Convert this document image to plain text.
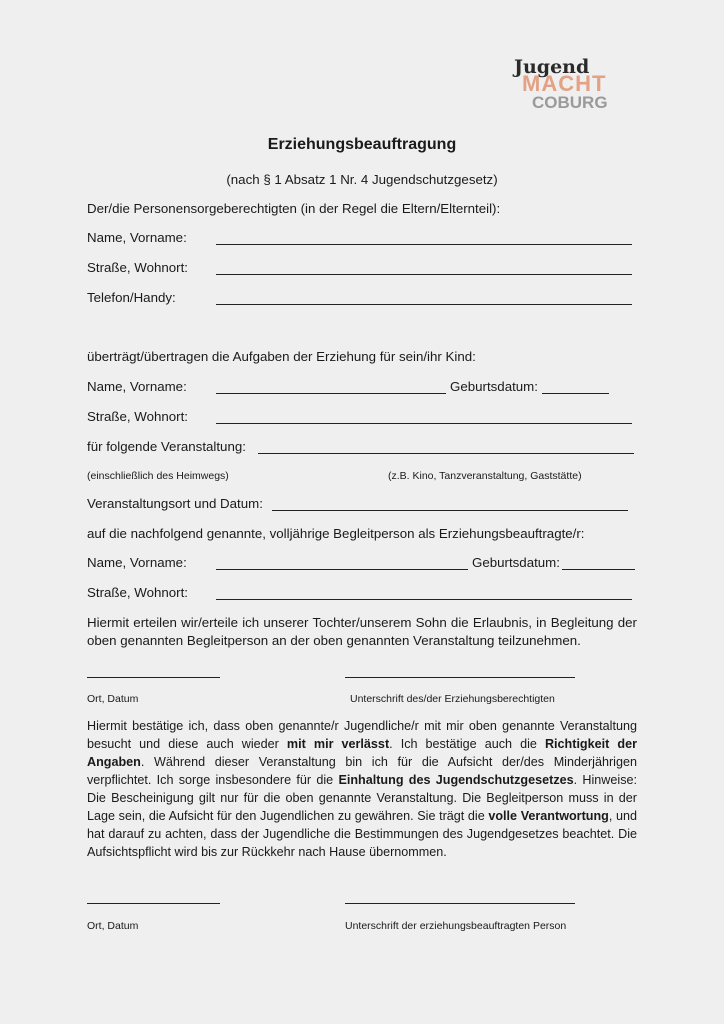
Jugend
MACHT
COBURG
Erziehungsbeauftragung
(nach § 1 Absatz 1 Nr. 4 Jugendschutzgesetz)
Der/die Personensorgeberechtigten (in der Regel die Eltern/Elternteil):
Name, Vorname:
Straße, Wohnort:
Telefon/Handy:
überträgt/übertragen die Aufgaben der Erziehung für sein/ihr Kind:
Name, Vorname:	Geburtsdatum:
Straße, Wohnort:
für folgende Veranstaltung:
(einschließlich des Heimwegs)	(z.B. Kino, Tanzveranstaltung, Gaststätte)
Veranstaltungsort und Datum:
auf die nachfolgend genannte, volljährige Begleitperson als Erziehungsbeauftragte/r:
Name, Vorname:	Geburtsdatum:
Straße, Wohnort:
Hiermit erteilen wir/erteile ich unserer Tochter/unserem Sohn die Erlaubnis, in Begleitung der oben genannten Begleitperson an der oben genannten Veranstaltung teilzunehmen.
Ort, Datum	Unterschrift des/der Erziehungsberechtigten
Hiermit bestätige ich, dass oben genannte/r Jugendliche/r mit mir oben genannte Veranstaltung besucht und diese auch wieder mit mir verlässt. Ich bestätige auch die Richtigkeit der Angaben. Während dieser Veranstaltung bin ich für die Aufsicht der/des Minderjährigen verpflichtet. Ich sorge insbesondere für die Einhaltung des Jugendschutzgesetzes. Hinweise: Die Bescheinigung gilt nur für die oben genannte Veranstaltung. Die Begleitperson muss in der Lage sein, die Aufsicht für den Jugendlichen zu gewähren. Sie trägt die volle Verantwortung, und hat darauf zu achten, dass der Jugendliche die Bestimmungen des Jugendgesetzes beachtet. Die Aufsichtspflicht wird bis zur Rückkehr nach Hause übernommen.
Ort, Datum	Unterschrift der erziehungsbeauftragten Person
